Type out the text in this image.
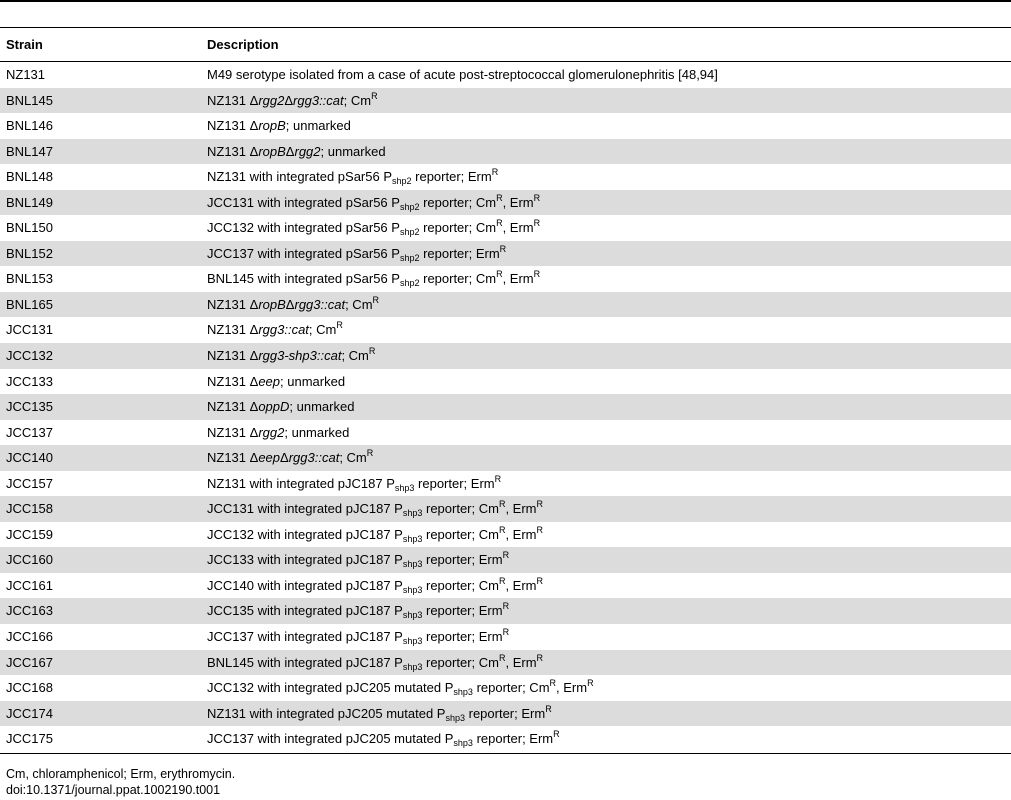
Strain	Description
NZ131	M49 serotype isolated from a case of acute post-streptococcal glomerulonephritis [48,94]
BNL145	NZ131 Δrgg2Δrgg3::cat; $Cm^R$
BNL146	NZ131 ΔropB; unmarked
BNL147	NZ131 ΔropBΔrgg2; unmarked
BNL148	NZ131 with integrated pSar56 $P_{shp2}$ reporter; Erm$^R$
BNL149	JCC131 with integrated pSar56 $P_{shp2}$ reporter; $Cm^R$, Erm$^R$
BNL150	JCC132 with integrated pSar56 $P_{shp2}$ reporter; $Cm^R$, Erm$^R$
BNL152	JCC137 with integrated pSar56 $P_{shp2}$ reporter; Erm$^R$
BNL153	BNL145 with integrated pSar56 $P_{shp2}$ reporter; $Cm^R$, Erm$^R$
BNL165	NZ131 ΔropBΔrgg3::cat; $Cm^R$
JCC131	NZ131 Δrgg3::cat; $Cm^R$
JCC132	NZ131 Δrgg3-shp3::cat; $Cm^R$
JCC133	NZ131 Δeep; unmarked
JCC135	NZ131 ΔoppD; unmarked
JCC137	NZ131 Δrgg2; unmarked
JCC140	NZ131 ΔeepΔrgg3::cat; $Cm^R$
JCC157	NZ131 with integrated pJC187 $P_{shp3}$ reporter; Erm$^R$
JCC158	JCC131 with integrated pJC187 $P_{shp3}$ reporter; $Cm^R$, Erm$^R$
JCC159	JCC132 with integrated pJC187 $P_{shp3}$ reporter; $Cm^R$, Erm$^R$
JCC160	JCC133 with integrated pJC187 $P_{shp3}$ reporter; Erm$^R$
JCC161	JCC140 with integrated pJC187 $P_{shp3}$ reporter; $Cm^R$, Erm$^R$
JCC163	JCC135 with integrated pJC187 $P_{shp3}$ reporter; Erm$^R$
JCC166	JCC137 with integrated pJC187 $P_{shp3}$ reporter; Erm$^R$
JCC167	BNL145 with integrated pJC187 $P_{shp3}$ reporter; $Cm^R$, Erm$^R$
JCC168	JCC132 with integrated pJC205 mutated $P_{shp3}$ reporter; $Cm^R$, Erm$^R$
JCC174	NZ131 with integrated pJC205 mutated $P_{shp3}$ reporter; Erm$^R$
JCC175	JCC137 with integrated pJC205 mutated $P_{shp3}$ reporter; Erm$^R$
Cm, chloramphenicol; Erm, erythromycin.
doi:10.1371/journal.ppat.1002190.t001
